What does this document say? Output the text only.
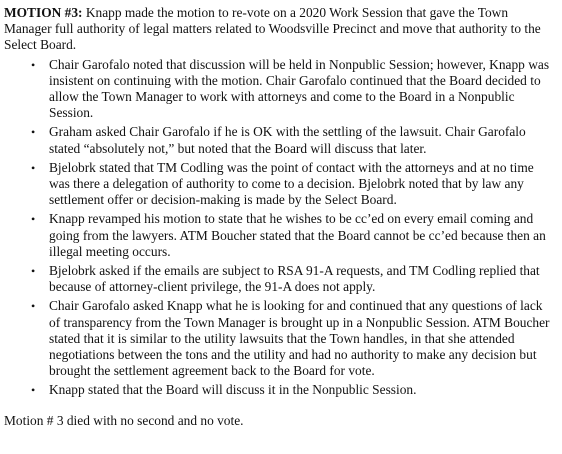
MOTION #3: Knapp made the motion to re-vote on a 2020 Work Session that gave the Town Manager full authority of legal matters related to Woodsville Precinct and move that authority to the Select Board.

• Chair Garofalo noted that discussion will be held in Nonpublic Session; however, Knapp was insistent on continuing with the motion. Chair Garofalo continued that the Board decided to allow the Town Manager to work with attorneys and come to the Board in a Nonpublic Session.
• Graham asked Chair Garofalo if he is OK with the settling of the lawsuit. Chair Garofalo stated “absolutely not,” but noted that the Board will discuss that later.
• Bjelobrk stated that TM Codling was the point of contact with the attorneys and at no time was there a delegation of authority to come to a decision. Bjelobrk noted that by law any settlement offer or decision-making is made by the Select Board.
• Knapp revamped his motion to state that he wishes to be cc’ed on every email coming and going from the lawyers. ATM Boucher stated that the Board cannot be cc’ed because then an illegal meeting occurs.
• Bjelobrk asked if the emails are subject to RSA 91-A requests, and TM Codling replied that because of attorney-client privilege, the 91-A does not apply.
• Chair Garofalo asked Knapp what he is looking for and continued that any questions of lack of transparency from the Town Manager is brought up in a Nonpublic Session. ATM Boucher stated that it is similar to the utility lawsuits that the Town handles, in that she attended negotiations between the tons and the utility and had no authority to make any decision but brought the settlement agreement back to the Board for vote.
• Knapp stated that the Board will discuss it in the Nonpublic Session.

Motion # 3 died with no second and no vote.
